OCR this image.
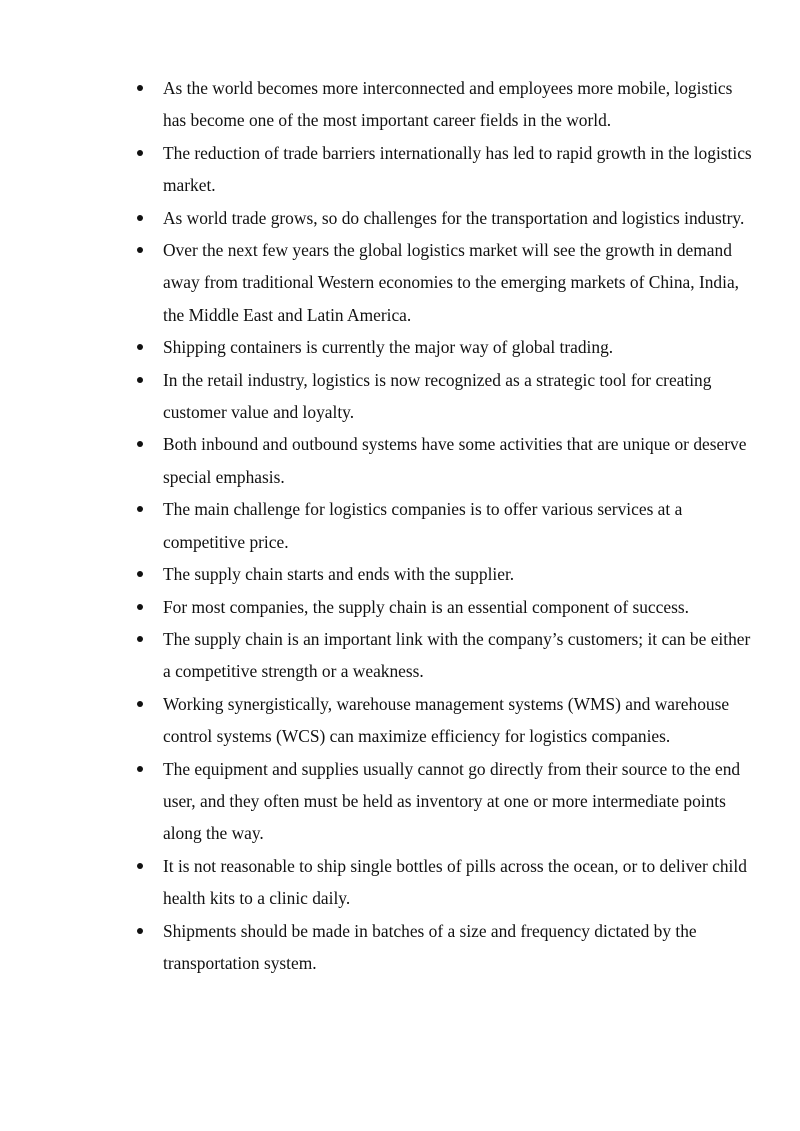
As the world becomes more interconnected and employees more mobile, logistics has become one of the most important career fields in the world.
The reduction of trade barriers internationally has led to rapid growth in the logistics market.
As world trade grows, so do challenges for the transportation and logistics industry.
Over the next few years the global logistics market will see the growth in demand away from traditional Western economies to the emerging markets of China, India, the Middle East and Latin America.
Shipping containers is currently the major way of global trading.
In the retail industry, logistics is now recognized as a strategic tool for creating customer value and loyalty.
Both inbound and outbound systems have some activities that are unique or deserve special emphasis.
The main challenge for logistics companies is to offer various services at a competitive price.
The supply chain starts and ends with the supplier.
For most companies, the supply chain is an essential component of success.
The supply chain is an important link with the company’s customers; it can be either a competitive strength or a weakness.
Working synergistically, warehouse management systems (WMS) and warehouse control systems (WCS) can maximize efficiency for logistics companies.
The equipment and supplies usually cannot go directly from their source to the end user, and they often must be held as inventory at one or more intermediate points along the way.
It is not reasonable to ship single bottles of pills across the ocean, or to deliver child health kits to a clinic daily.
Shipments should be made in batches of a size and frequency dictated by the transportation system.
